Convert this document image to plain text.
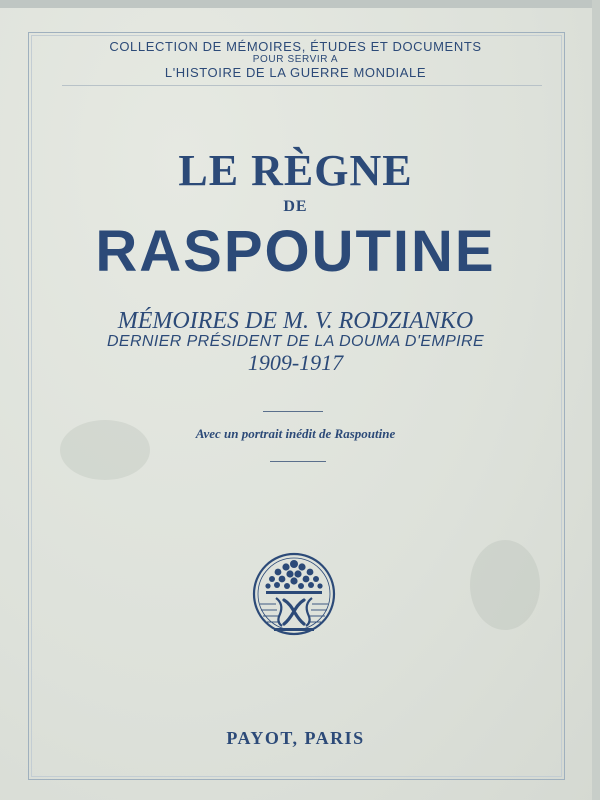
COLLECTION DE MÉMOIRES, ÉTUDES ET DOCUMENTS
POUR SERVIR A
L'HISTOIRE DE LA GUERRE MONDIALE
LE RÈGNE
DE
RASPOUTINE
MÉMOIRES DE M. V. RODZIANKO
DERNIER PRÉSIDENT DE LA DOUMA D'EMPIRE
1909-1917
Avec un portrait inédit de Raspoutine
PAYOT, PARIS
